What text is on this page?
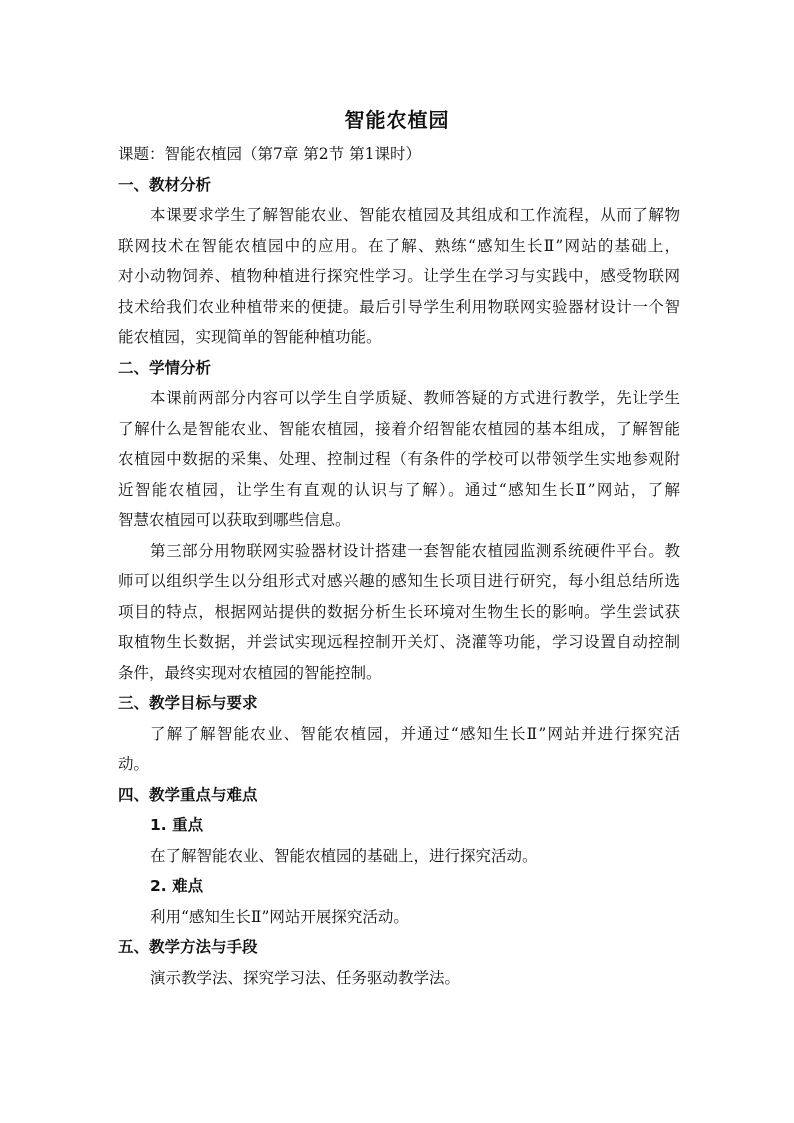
智能农植园
课题：智能农植园（第7章 第2节 第1课时）
一、教材分析
本课要求学生了解智能农业、智能农植园及其组成和工作流程，从而了解物
联网技术在智能农植园中的应用。在了解、熟练“感知生长Ⅱ”网站的基础上，
对小动物饲养、植物种植进行探究性学习。让学生在学习与实践中，感受物联网
技术给我们农业种植带来的便捷。最后引导学生利用物联网实验器材设计一个智
能农植园，实现简单的智能种植功能。
二、学情分析
本课前两部分内容可以学生自学质疑、教师答疑的方式进行教学，先让学生
了解什么是智能农业、智能农植园，接着介绍智能农植园的基本组成，了解智能
农植园中数据的采集、处理、控制过程（有条件的学校可以带领学生实地参观附
近智能农植园，让学生有直观的认识与了解）。通过“感知生长Ⅱ”网站，了解
智慧农植园可以获取到哪些信息。
第三部分用物联网实验器材设计搭建一套智能农植园监测系统硬件平台。教
师可以组织学生以分组形式对感兴趣的感知生长项目进行研究，每小组总结所选
项目的特点，根据网站提供的数据分析生长环境对生物生长的影响。学生尝试获
取植物生长数据，并尝试实现远程控制开关灯、浇灌等功能，学习设置自动控制
条件，最终实现对农植园的智能控制。
三、教学目标与要求
了解了解智能农业、智能农植园，并通过“感知生长Ⅱ”网站并进行探究活
动。
四、教学重点与难点
1. 重点
在了解智能农业、智能农植园的基础上，进行探究活动。
2. 难点
利用“感知生长Ⅱ”网站开展探究活动。
五、教学方法与手段
演示教学法、探究学习法、任务驱动教学法。
